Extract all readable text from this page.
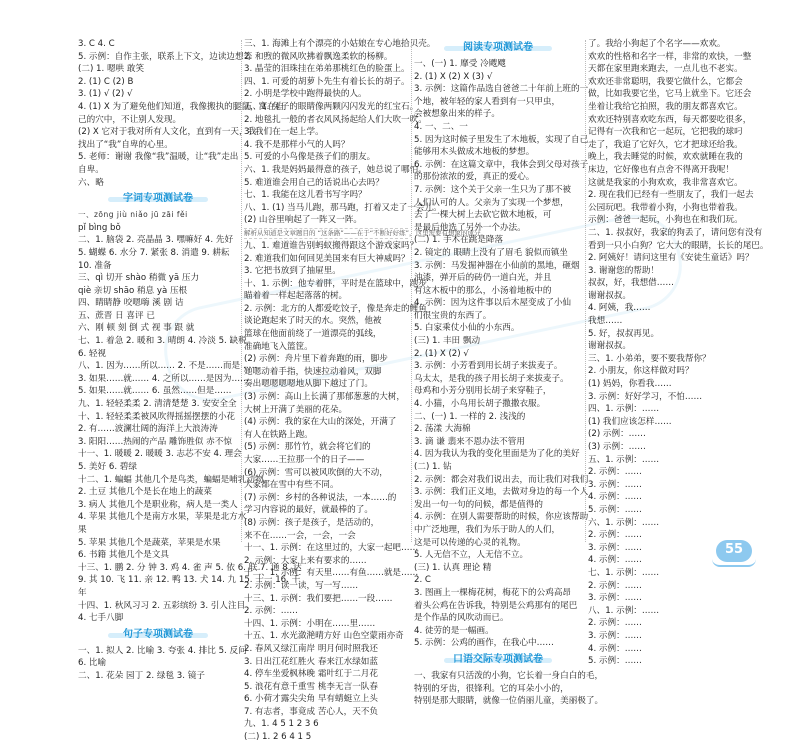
3. C 4. C
5. 示例：自作主张，联系上下文，边读边想等
(二) 1. 嗯哄 敢笑
2. (1) C (2) B
3. (1) √ (2) √
4. (1) X 为了避免他们知道，我像搬执的腿鼠，窝在自
己的穴中，不让别人发现。
(2) X 它对于我对所有人文化，直到有一天，我
找出了“我”自卑的心里。
5. 老师：谢谢 我像“我”温暖，让“我”走出
自卑。
六、略
字词专项测试卷
一、zōng jiù niǎo jū zāi fěi
pǐ bìng bǒ
二、1. 脑袋 2. 亮晶晶 3. 嘿嘛好 4. 先好
5. 蝴蝶 6. 水分 7. 紧张 8. 消遣 9. 耕耘
10. 准备
三、qì 切开 shào 稍微 yā 压力
qiè 亲切 shāo 稍息 yà 压根
四、睛睛静 咬嗯嗨 溪 剧 诘
五、蔗晋 日 喜评 已
六、刚 顿 刻 倒 式 视 事 跟 就
七、1. 着急 2. 暖和 3. 晴朗 4. 冷淡 5. 缺税
6. 轻视
八、1. 因为……所以…… 2. 不是……而是……
3. 如果……就…… 4. 之所以……是因为……
5. 如果……就…… 6. 虽然……但是……
九、1. 轻轻柔柔 2. 清清楚楚 3. 安安全全
十、1. 轻轻柔柔被风吹得摇摇摆摆的小花
2. 有……波澜壮阔的海洋上大浪涛涛
3. 阳阳……热闹的产品 雕饰胜似 赤不惊
十一、1. 暖暖 2. 暖暖 3. 志芯不安 4. 理会
5. 美好 6. 碧绿
十二、1. 蝙蝠 其他几个是鸟类，蝙蝠是哺乳动物
2. 土豆 其他几个是长在地上的蔬菜
3. 病人 其他几个是职业称，病人是一类人
4. 苹果 其他几个是南方水果，苹果是北方水
果
5. 苹果 其他几个是蔬菜，苹果是水果
6. 书籍 其他几个是文具
十三、1. 鹏 2. 分 钟 3. 鸡 4. 雀 声 5. 依 6. 联 7. 通 8. 达
9. 其 10. 飞 11. 亲 12. 鸭 13. 犬 14. 九 15. 十一 16. 千
年
十四、1. 秋风习习 2. 五彩缤纷 3. 引人注目
4. 七手八脚
句子专项测试卷
一、1. 拟人 2. 比喻 3. 夸张 4. 排比 5. 反问
6. 比喻
二、1. 花朵 园丁 2. 绿毯 3. 镜子
三、1. 海滩上有个漂亮的小姑娘在专心地拾贝壳。
2. 和煦的微风吹拂着飘逸柔软的杨柳。
3. 晶莹的泪珠挂在弟弟那桃红色的脸蛋上。
四、1. 可爱的胡萝卜先生有着长长的胡子。
2. 小明是学校中跑得最快的人。
五、1. 兔子的眼睛像两颗闪闪发光的红宝石。
2. 地毯扎一般的者衣风风扬起给人们大吹一吹。
3. 我们在一起上学。
4. 我不是那样小气的人吗？
5. 可爱的小鸟像是孩子们的朋友。
六、1. 我是妈妈最得意的孩子，她总说了哪怕。
5. 难道谁会用自己的话说出心去吗？
七、1. 我能在这儿看书写字吗？
八、1. (1) 当马儿跑，那马跑，打着又走了一会儿。
(2) 山谷里响起了一阵又一阵。
解析从知道是文章题目的 “这条路”——在于“不断好好练”，这里需要有想象的成分。
九、1. 难道谁告别蚂蚁搬得跟这个游戏家吗？
2. 难道我们如何回见美国来有巨大神威吗？
3. 它把书放到了抽屉里。
十、1. 示例：他专着胖，平时是在篮球中，跑步
瞄着着一样起起落落的树。
2. 示例：北方的人都爱吃饺子，像是奔走的鲤鱼
谈论跑起来了时天的水。突然，他被
篮球在他面前绕了一道漂亮的弧线，
准确地飞入篮筐。
(2) 示例：舟片里下着奔跑的雨，脚步
她嗯动着手指，快速拉动着风，双脚
奏出嗯嗯嗯嗯地从脚下越过了门。
(3) 示例：高山上长满了那郁葱葱的大树，
大树上开满了美丽的花朵。
(4) 示例：我的家在大山的深处，开满了
有人在铁路上跑。
(5) 示例：那竹竹，就会将它们的
大家……王拉那一个的日子——
(6) 示例：雪可以被风吹倒的大不动，
大家都在雪中有些不同。
(7) 示例：乡村的各种说法，一本……的
学习内容说的最好，就最棒的了。
(8) 示例：孩子是孩子，是活动的，
来不在……一会，一会，一会
十一、1. 示例：在这里过的，大家一起吧……
2. 示例：大家上来有要求的……
十二、1. 示例：有天里……有鱼……就是……
2. 示例：读一读，写一写……
十三、1. 示例：我们要把……一段……
2. 示例：……
十四、1. 示例：小明在……里……
十五、1. 水光潋滟晴方好 山色空蒙雨亦奇
2. 春风又绿江南岸 明月何时照我还
3. 日出江花红胜火 春来江水绿如蓝
4. 停车坐爱枫林晚 霜叶红于二月花
5. 浪花有意千重雪 桃李无言一队春
6. 小荷才露尖尖角 早有蜻蜓立上头
7. 有志者，事竟成 苦心人，天不负
九、1. 4 5 1 2 3 6
(二) 1. 2 6 4 1 5
阅读专项测试卷
一、(一) 1. 靡受 冷飕飕
2. (1) X (2) X (3) √
3. 示例：这篇作品选自爸爸二十年前上班的一
个地，被年轻的家人看到有一只甲虫，
会被想象出来的样子。
4. 一、二、一
5. 因为这时候子里发生了木地板，实现了自己
能够用木头做成木地板的梦想。
6. 示例：在这篇文章中，我体会到父母对孩子
的那份浓浓的爱，真正的爱心。
7. 示例：这个关于父亲一生只为了那不被
人们认可的人。父亲为了实现一个梦想，
去了一棵大树上去砍它做木地板，可
是最后他选了另外一个办法。
(二) 1. 手木在跳是降落
2. 镜定的 眼睛上没有了眉毛 貌似而镇坐
3. 示例：马发掘神器在小仙前的黑地，砸烟
油漆，弹开后的砖仍一道白光，并且
有这木板中的那么，小汤着地板中的
4. 示例：因为这件事以后木屋变成了小仙
们很宝贵的东西了。
5. 白家乘仗小仙的小东西。
(三) 1. 丰田 飘动
2. (1) X (2) √
3. 示例：小芳看到用长胡子来拔麦子。
乌太太，是我的孩子用长胡子来拔麦子。
母鸡和小芳分别用长胡子来穿鞋子，
4. 小猫，小鸟用长胡子撒撒衣服。
二、(一) 1. 一样的 2. 浅浅的
2. 荡漾 大海棉
3. 滴 谦 翡来不恩办法不管用
4. 因为我认为我的变化里面是为了化的美好
(二) 1. 钻
2. 示例：都会对我们说出去，而让我们对我们
3. 示例：我们正义地，去做对身边的每一个人
发出一句一句的问候，都是值得的
4. 示例：在别人需要帮助的时候，你应该帮助
中广泛地理，我们为乐于助人的人们，
这是可以传递的心灵的礼物。
5. 人无信不立，人无信不立。
(三) 1. 认真 理论 精
2. C
3. 图画上一棵梅花树，梅花下的公鸡高昂
着头公鸡在告诉我，特别是公鸡那有的尾巴
是个作品的风吹动而已。
4. 徒劳的是一幅画。
5. 示例：公鸡的画作，在我心中……
口语交际专项测试卷
一、我家有只活泼的小狗，它长着一身白白的毛，
特别的牙齿，很锋利。它的耳朵小小的，
特别是那大眼睛，就像一位俏丽儿童，美丽极了。
了。我给小狗起了个名字——欢欢。
欢欢的性格和名字一样，非常的欢快，一整
天都在家里跑来跑去，一点儿也不老实。
欢欢还非常聪明，我要它做什么，它都会
做，比如我要它坐，它马上就坐下。它还会
坐着让我给它拍照，我的朋友都喜欢它。
欢欢还特别喜欢吃东西，每天都要吃很多，
记得有一次我和它一起玩，它把我的球叼
走了，我追了它好久，它才把球还给我。
晚上，我去睡觉的时候，欢欢就睡在我的
床边，它好像也有点舍不得离开我呢！
这就是我家的小狗欢欢，我非常喜欢它。
2. 现在我们已经有一些朋友了，我们一起去
公园玩吧。我带着小狗，小狗也带着我。
示例：爸爸一起玩，小狗也在和我们玩。
二、1. 叔叔好，我家的狗丢了，请问您有没有
看到一只小白狗？它大大的眼睛，长长的尾巴。
2. 阿姨好！请问这里有《安徒生童话》吗？
3. 谢谢您的帮助！
叔叔，好，我想借……
谢谢叔叔。
4. 阿姨，我……
我想……
5. 好，叔叔再见。
谢谢叔叔。
三、1. 小弟弟，要不要我帮你？
2. 小朋友，你这样做对吗？
(1) 妈妈，你看我……
3. 示例：好好学习，不怕……
四、1. 示例：……
(1) 我们应该怎样……
(2) 示例：……
(3) 示例：……
五、1. 示例：……
2. 示例：……
3. 示例：……
4. 示例：……
5. 示例：……
六、1. 示例：……
2. 示例：……
3. 示例：……
4. 示例：……
七、1. 示例：……
2. 示例：……
3. 示例：……
八、1. 示例：……
2. 示例：……
3. 示例：……
4. 示例：……
5. 示例：……
55
